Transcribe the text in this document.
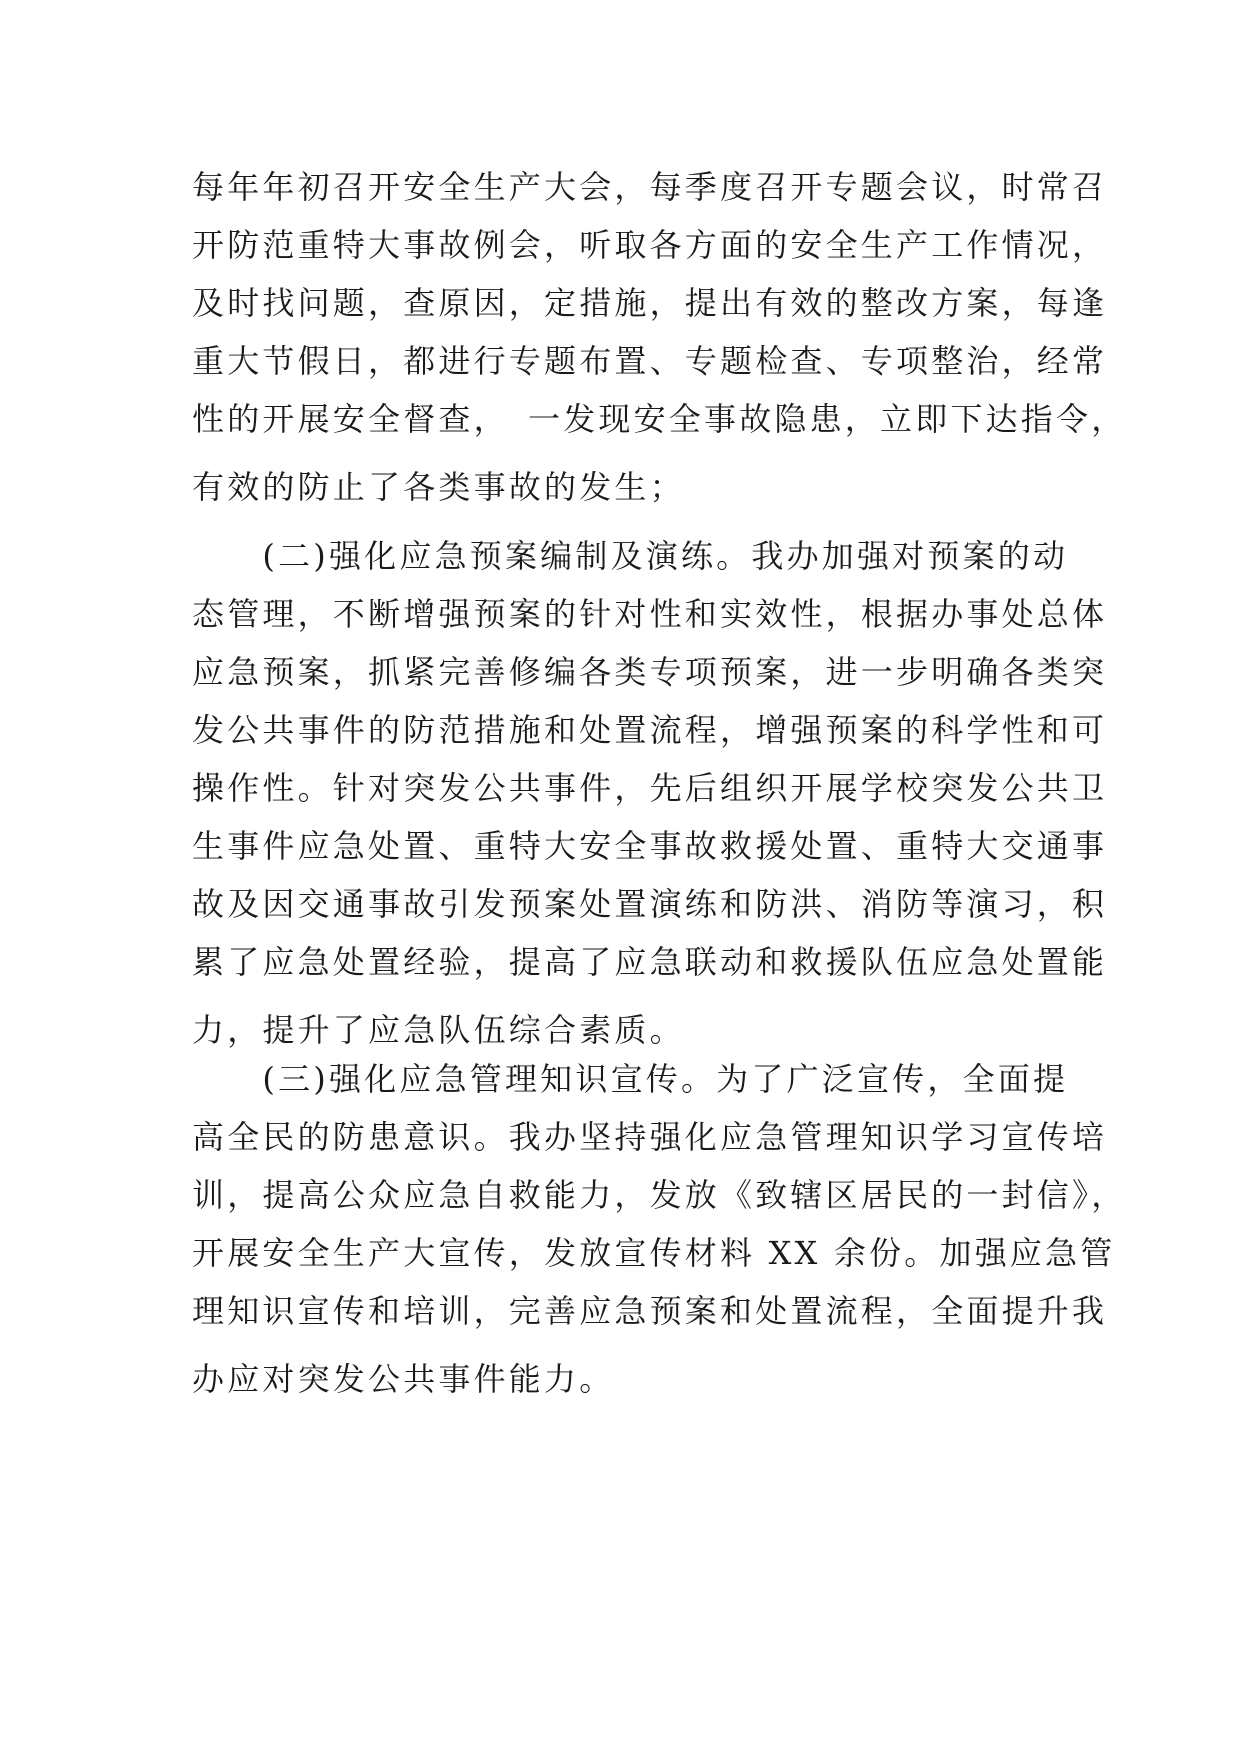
每年年初召开安全生产大会，每季度召开专题会议，时常召
开防范重特大事故例会，听取各方面的安全生产工作情况，
及时找问题，查原因，定措施，提出有效的整改方案，每逢
重大节假日，都进行专题布置、专题检查、专项整治，经常
性的开展安全督查，　一发现安全事故隐患，立即下达指令，
有效的防止了各类事故的发生；
　　(二)强化应急预案编制及演练。我办加强对预案的动
态管理，不断增强预案的针对性和实效性，根据办事处总体
应急预案，抓紧完善修编各类专项预案，进一步明确各类突
发公共事件的防范措施和处置流程，增强预案的科学性和可
操作性。针对突发公共事件，先后组织开展学校突发公共卫
生事件应急处置、重特大安全事故救援处置、重特大交通事
故及因交通事故引发预案处置演练和防洪、消防等演习，积
累了应急处置经验，提高了应急联动和救援队伍应急处置能
力，提升了应急队伍综合素质。
　　(三)强化应急管理知识宣传。为了广泛宣传，全面提
高全民的防患意识。我办坚持强化应急管理知识学习宣传培
训，提高公众应急自救能力，发放《致辖区居民的一封信》，
开展安全生产大宣传，发放宣传材料 XX 余份。加强应急管
理知识宣传和培训，完善应急预案和处置流程，全面提升我
办应对突发公共事件能力。
